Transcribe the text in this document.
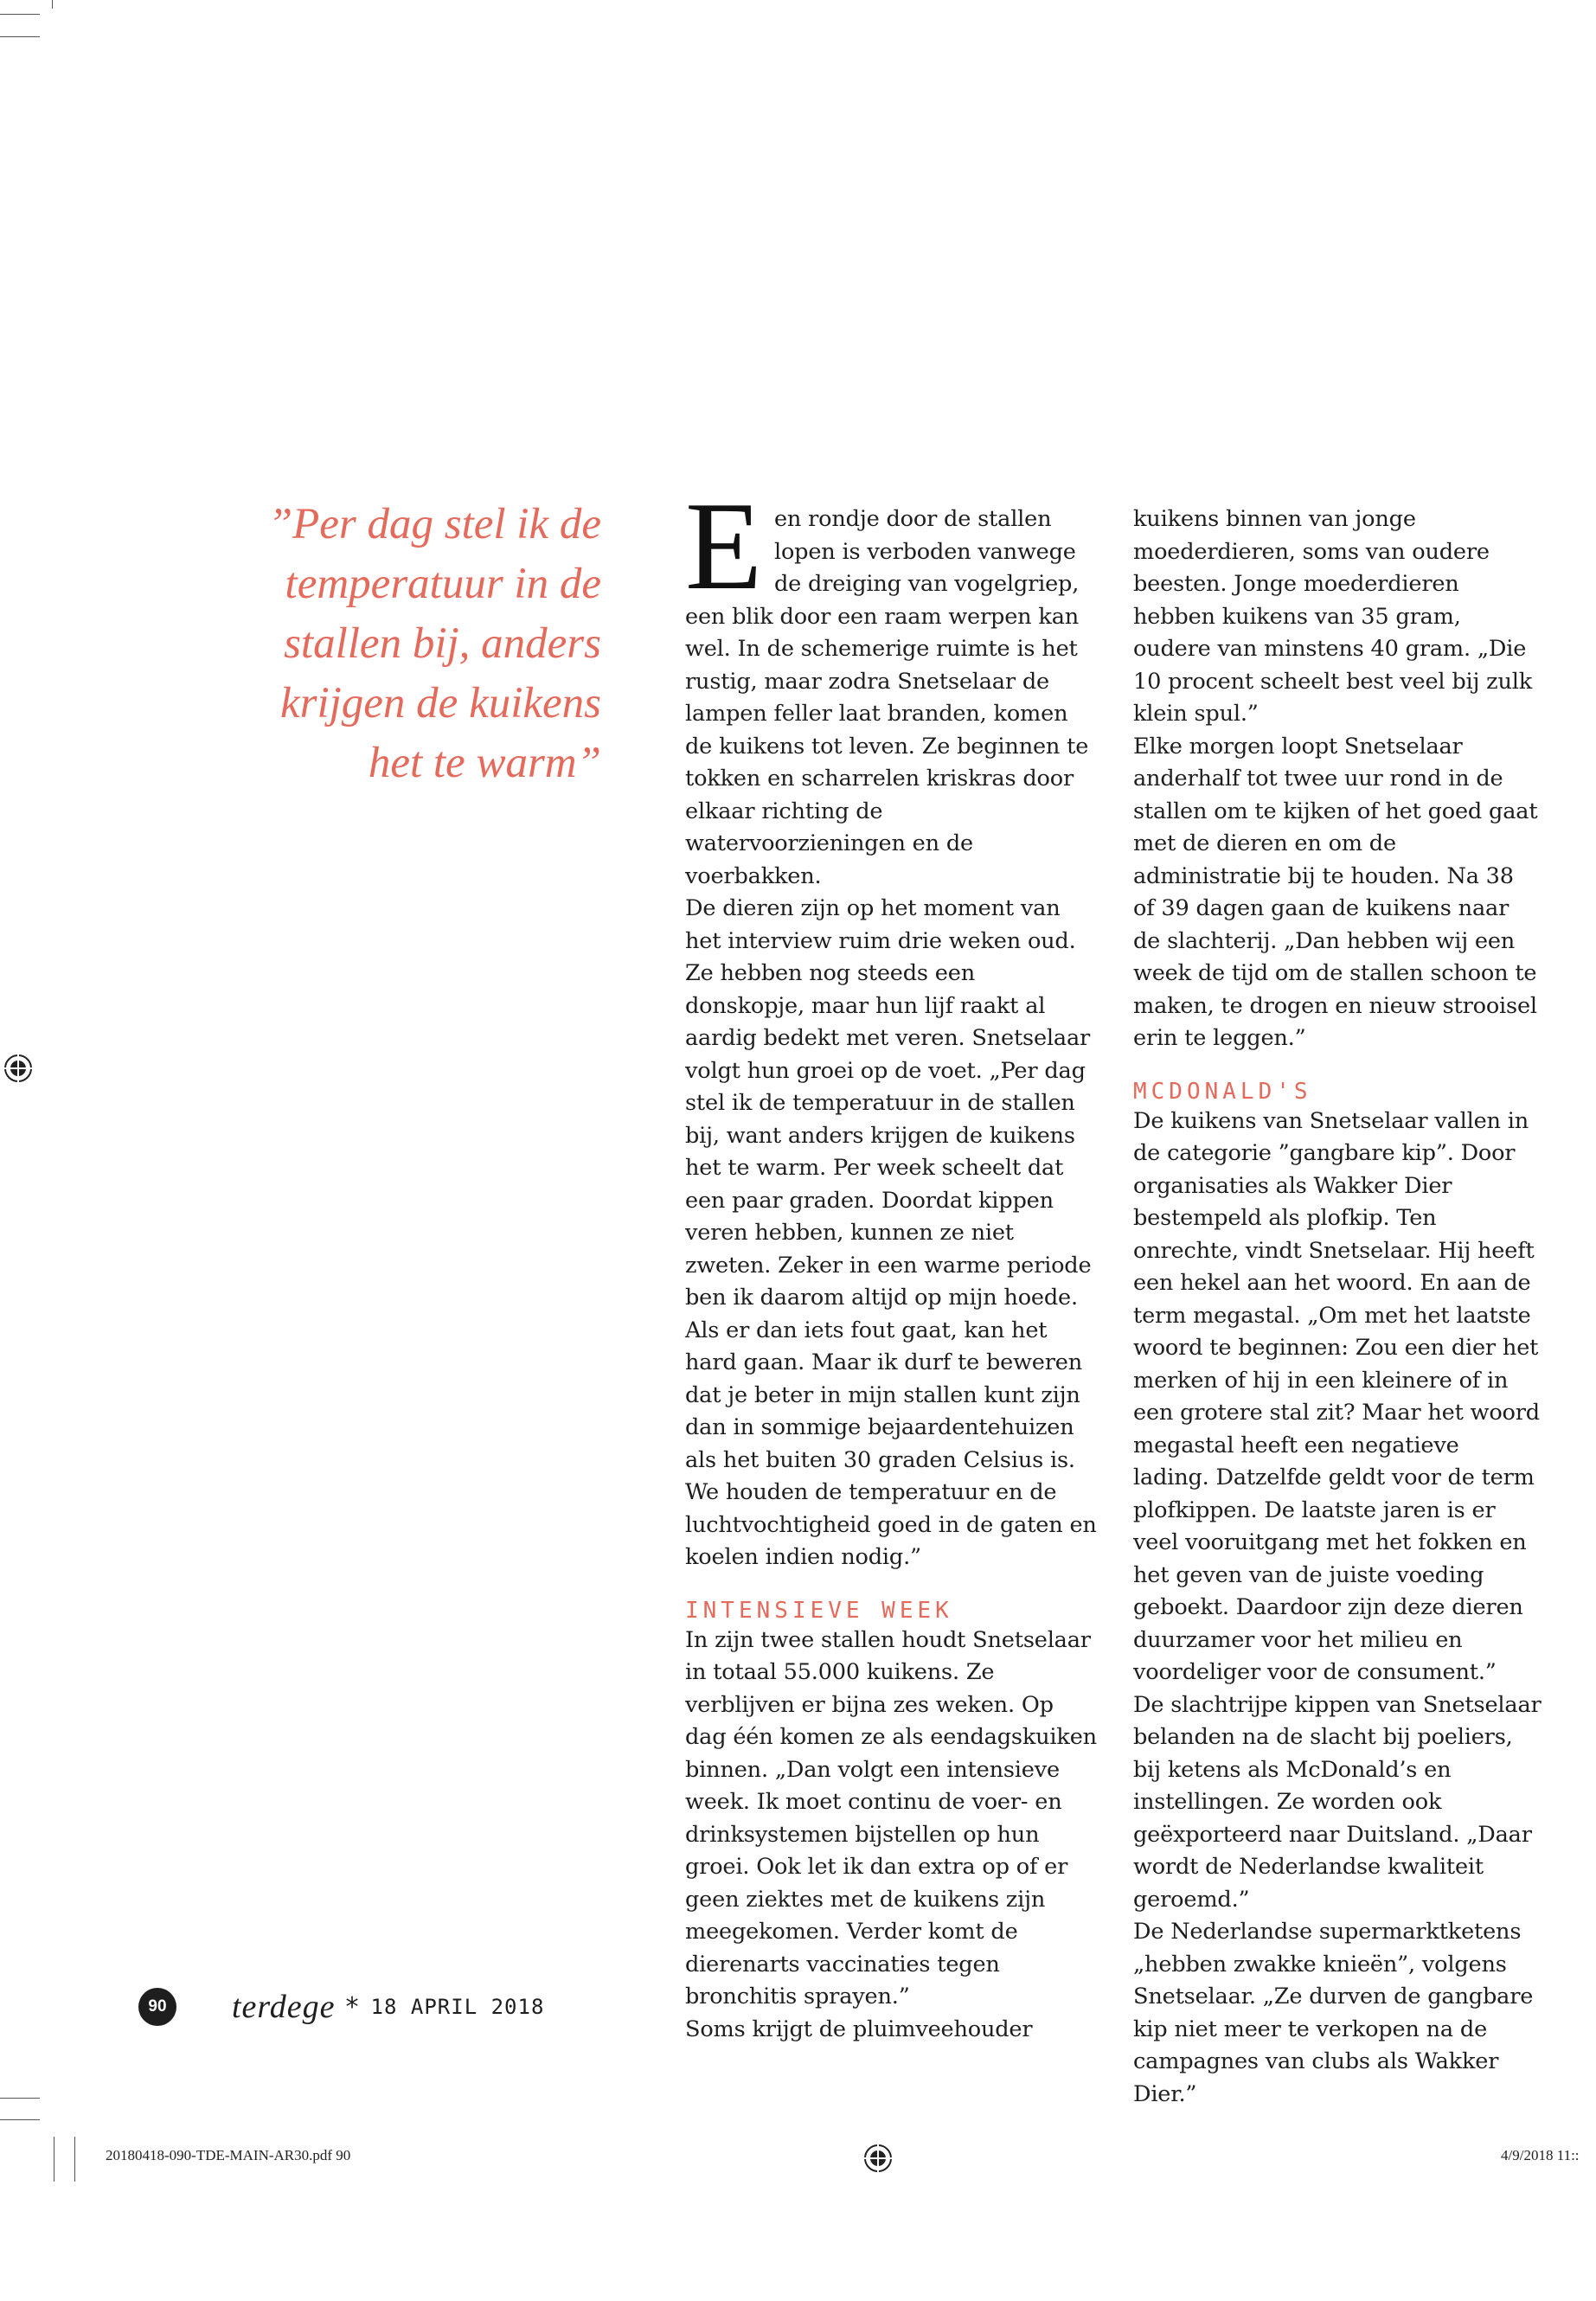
”Per dag stel ik de
temperatuur in de
stallen bij, anders
krijgen de kuikens
het te warm”

E en rondje door de stallen lopen is verboden vanwege de dreiging van vogelgriep, een blik door een raam werpen kan wel. In de schemerige ruimte is het rustig, maar zodra Snetselaar de lampen feller laat branden, komen de kuikens tot leven. Ze beginnen te tokken en scharrelen kriskras door elkaar richting de watervoorzieningen en de voerbakken.
De dieren zijn op het moment van het interview ruim drie weken oud. Ze hebben nog steeds een donskopje, maar hun lijf raakt al aardig bedekt met veren. Snetselaar volgt hun groei op de voet. „Per dag stel ik de temperatuur in de stallen bij, want anders krijgen de kuikens het te warm. Per week scheelt dat een paar graden. Doordat kippen veren hebben, kunnen ze niet zweten. Zeker in een warme periode ben ik daarom altijd op mijn hoede. Als er dan iets fout gaat, kan het hard gaan. Maar ik durf te beweren dat je beter in mijn stallen kunt zijn dan in sommige bejaardentehuizen als het buiten 30 graden Celsius is. We houden de temperatuur en de luchtvochtigheid goed in de gaten en koelen indien nodig.”

INTENSIEVE WEEK

In zijn twee stallen houdt Snetselaar in totaal 55.000 kuikens. Ze verblijven er bijna zes weken. Op dag één komen ze als eendagskuiken binnen. „Dan volgt een intensieve week. Ik moet continu de voer- en drinksystemen bijstellen op hun groei. Ook let ik dan extra op of er geen ziektes met de kuikens zijn meegekomen. Verder komt de dierenarts vaccinaties tegen bronchitis sprayen.”
Soms krijgt de pluimveehouder

kuikens binnen van jonge moederdieren, soms van oudere beesten. Jonge moederdieren hebben kuikens van 35 gram, oudere van minstens 40 gram. „Die 10 procent scheelt best veel bij zulk klein spul.”
Elke morgen loopt Snetselaar anderhalf tot twee uur rond in de stallen om te kijken of het goed gaat met de dieren en om de administratie bij te houden. Na 38 of 39 dagen gaan de kuikens naar de slachterij. „Dan hebben wij een week de tijd om de stallen schoon te maken, te drogen en nieuw strooisel erin te leggen.”

MCDONALD'S

De kuikens van Snetselaar vallen in de categorie ”gangbare kip”. Door organisaties als Wakker Dier bestempeld als plofkip. Ten onrechte, vindt Snetselaar. Hij heeft een hekel aan het woord. En aan de term megastal. „Om met het laatste woord te beginnen: Zou een dier het merken of hij in een kleinere of in een grotere stal zit? Maar het woord megastal heeft een negatieve lading. Datzelfde geldt voor de term plofkippen. De laatste jaren is er veel vooruitgang met het fokken en het geven van de juiste voeding geboekt. Daardoor zijn deze dieren duurzamer voor het milieu en voordeliger voor de consument.”
De slachtrijpe kippen van Snetselaar belanden na de slacht bij poeliers, bij ketens als McDonald’s en instellingen. Ze worden ook geëxporteerd naar Duitsland. „Daar wordt de Nederlandse kwaliteit geroemd.”
De Nederlandse supermarktketens „hebben zwakke knieën”, volgens Snetselaar. „Ze durven de gangbare kip niet meer te verkopen na de campagnes van clubs als Wakker Dier.”

90	terdege * 18 APRIL 2018
20180418-090-TDE-MAIN-AR30.pdf 90	4/9/2018 11::
